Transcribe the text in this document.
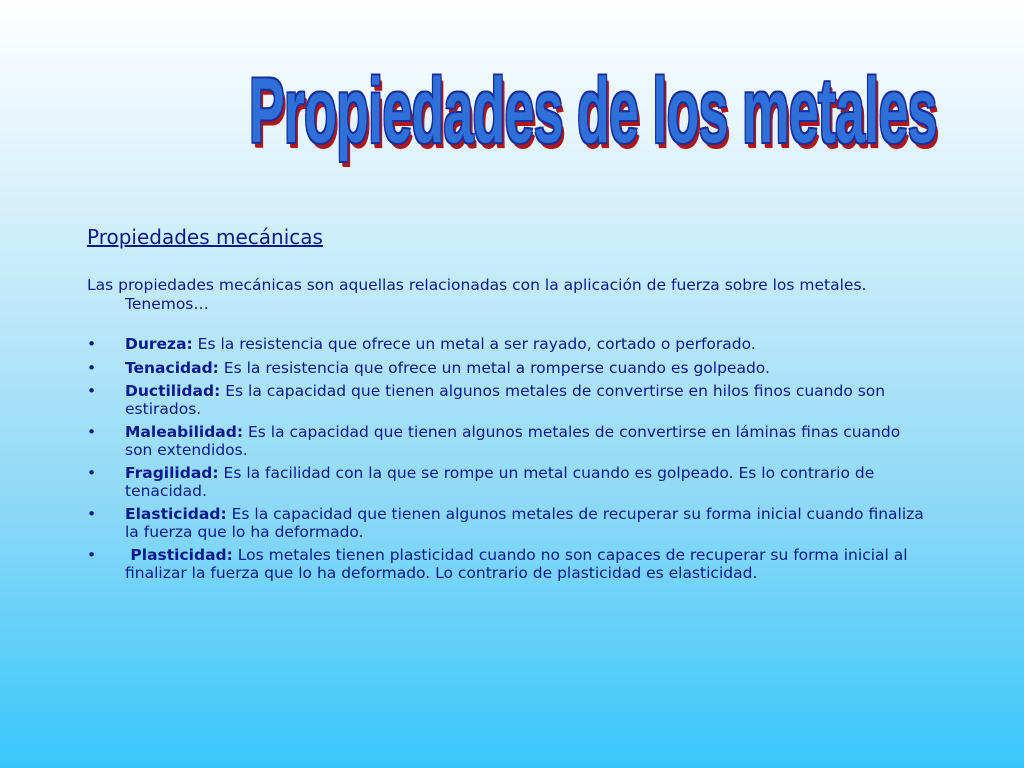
Propiedades de los metales
Propiedades mecánicas

Las propiedades mecánicas son aquellas relacionadas con la aplicación de fuerza sobre los metales. Tenemos…

•	Dureza: Es la resistencia que ofrece un metal a ser rayado, cortado o perforado.
•	Tenacidad: Es la resistencia que ofrece un metal a romperse cuando es golpeado.
•	Ductilidad: Es la capacidad que tienen algunos metales de convertirse en hilos finos cuando son estirados.
•	Maleabilidad: Es la capacidad que tienen algunos metales de convertirse en láminas finas cuando son extendidos.
•	Fragilidad: Es la facilidad con la que se rompe un metal cuando es golpeado. Es lo contrario de tenacidad.
•	Elasticidad: Es la capacidad que tienen algunos metales de recuperar su forma inicial cuando finaliza la fuerza que lo ha deformado.
•	Plasticidad: Los metales tienen plasticidad cuando no son capaces de recuperar su forma inicial al finalizar la fuerza que lo ha deformado. Lo contrario de plasticidad es elasticidad.
